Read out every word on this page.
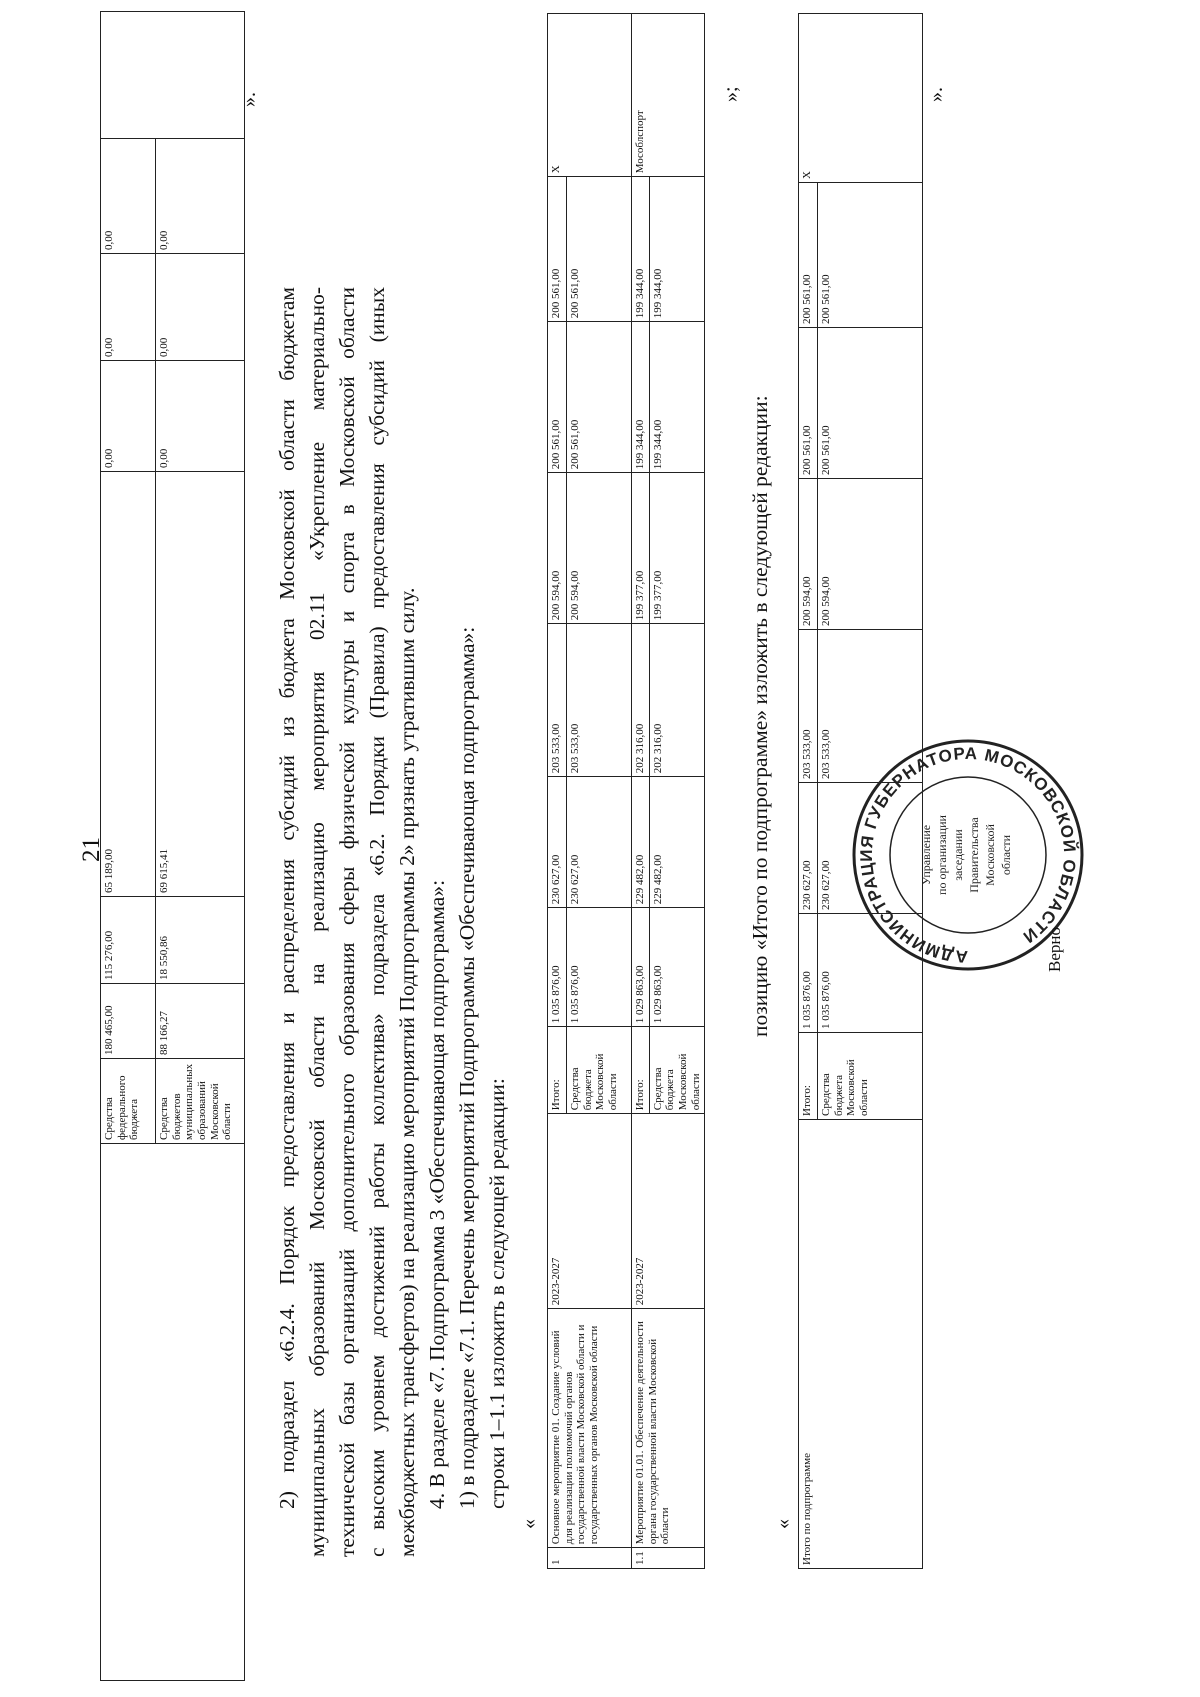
21
	Средства федерального бюджета	180 465,00	115 276,00	65 189,00	0,00	0,00	0,00	
	Средства бюджетов муниципальных образований Московской области	88 166,27	18 550,86	69 615,41	0,00	0,00	0,00	
».
2) подраздел «6.2.4. Порядок предоставления и распределения субсидий из бюджета Московской области бюджетам муниципальных образований Московской области на реализацию мероприятия 02.11 «Укрепление материально- технической базы организаций дополнительного образования сферы физической культуры и спорта в Московской области с высоким уровнем достижений работы коллектива» подраздела «6.2. Порядки (Правила) предоставления субсидий (иных межбюджетных трансфертов) на реализацию мероприятий Подпрограммы 2» признать утратившим силу. 4. В разделе «7. Подпрограмма 3 «Обеспечивающая подпрограмма»: 1) в подразделе «7.1. Перечень мероприятий Подпрограммы «Обеспечивающая подпрограмма»: строки 1–1.1 изложить в следующей редакции:
«
1	Основное мероприятие 01. Создание условий для реализации полномочий органов государственной власти Московской области и государственных органов Московской области	2023-2027	Итого:	1 035 876,00	230 627,00	203 533,00	200 594,00	200 561,00	200 561,00	X
			Средства бюджета Московской области	1 035 876,00	230 627,00	203 533,00	200 594,00	200 561,00	200 561,00	
1.1	Мероприятие 01.01. Обеспечение деятельности органа государственной власти Московской области	2023-2027	Итого:	1 029 863,00	229 482,00	202 316,00	199 377,00	199 344,00	199 344,00	Мособлспорт
			Средства бюджета Московской области	1 029 863,00	229 482,00	202 316,00	199 377,00	199 344,00	199 344,00	
»;
позицию «Итого по подпрограмме» изложить в следующей редакции:
« Итого по подпрограмме	Итого:	1 035 876,00	230 627,00	203 533,00	200 594,00	200 561,00	200 561,00	X
	Средства бюджета Московской области	1 035 876,00	230 627,00	203 533,00	200 594,00	200 561,00	200 561,00	
».
АДМИНИСТРАЦИЯ ГУБЕРНАТОРА МОСКОВСКОЙ ОБЛАСТИ
Управление по организации заседании Правительства Московской области
Верно
